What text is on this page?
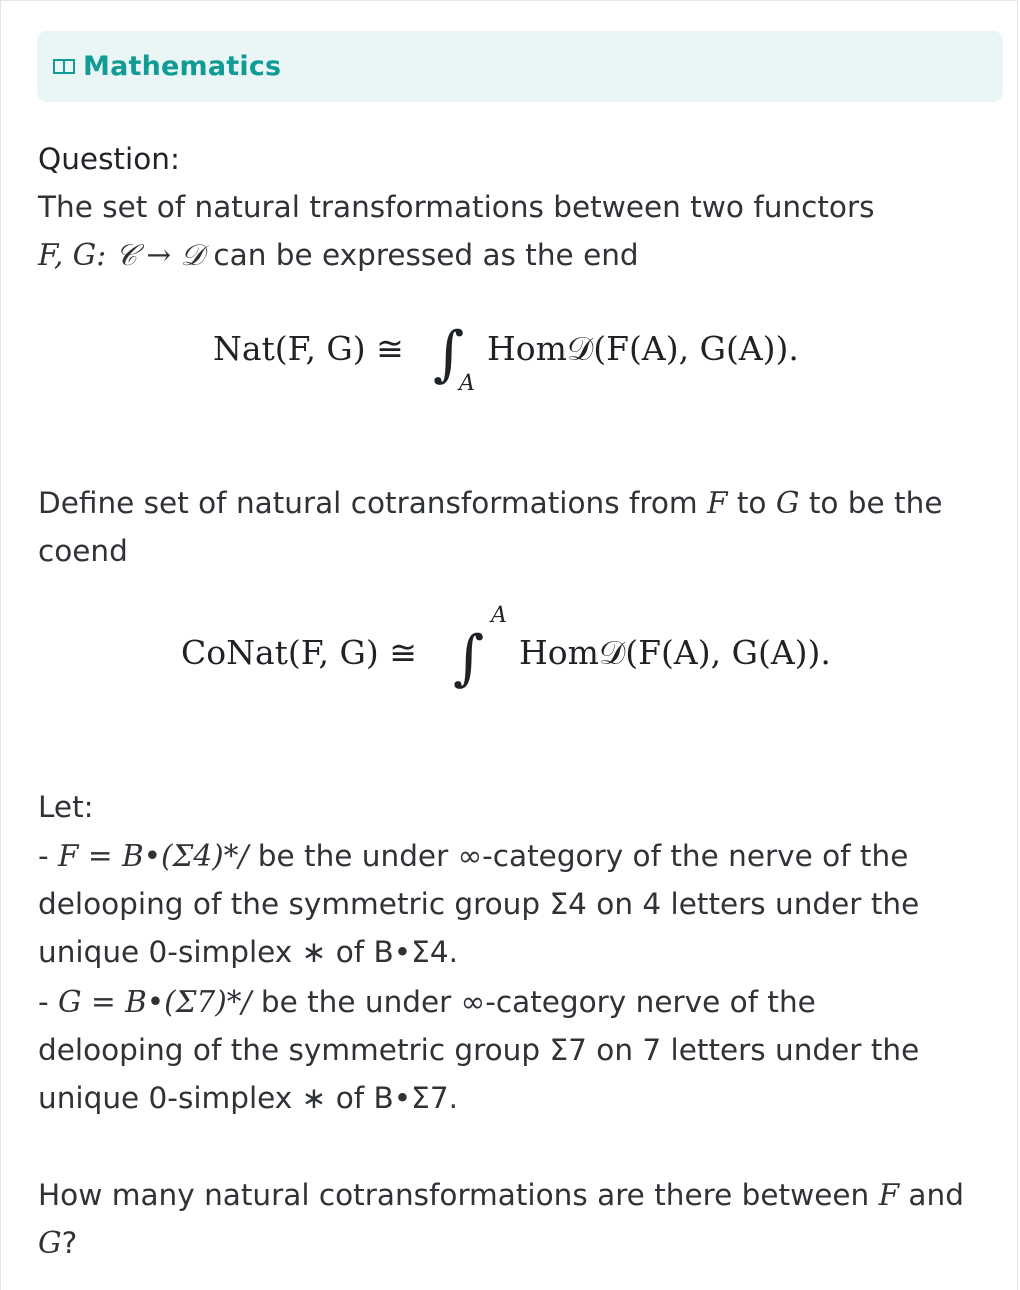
Mathematics
Question:
The set of natural transformations between two functors
F, G: 𝒞 → 𝒟 can be expressed as the end
Nat(F, G) ≅ ∫
A
Hom𝒟(F(A), G(A)).
Define set of natural cotransformations from F to G to be the
coend
CoNat(F, G) ≅ ∫
A
Hom𝒟(F(A), G(A)).
Let:
- F = B•(Σ4)*/ be the under ∞-category of the nerve of the
delooping of the symmetric group Σ4 on 4 letters under the
unique 0-simplex ∗ of B•Σ4.
- G = B•(Σ7)*/ be the under ∞-category nerve of the
delooping of the symmetric group Σ7 on 7 letters under the
unique 0-simplex ∗ of B•Σ7.
How many natural cotransformations are there between F and
G?
